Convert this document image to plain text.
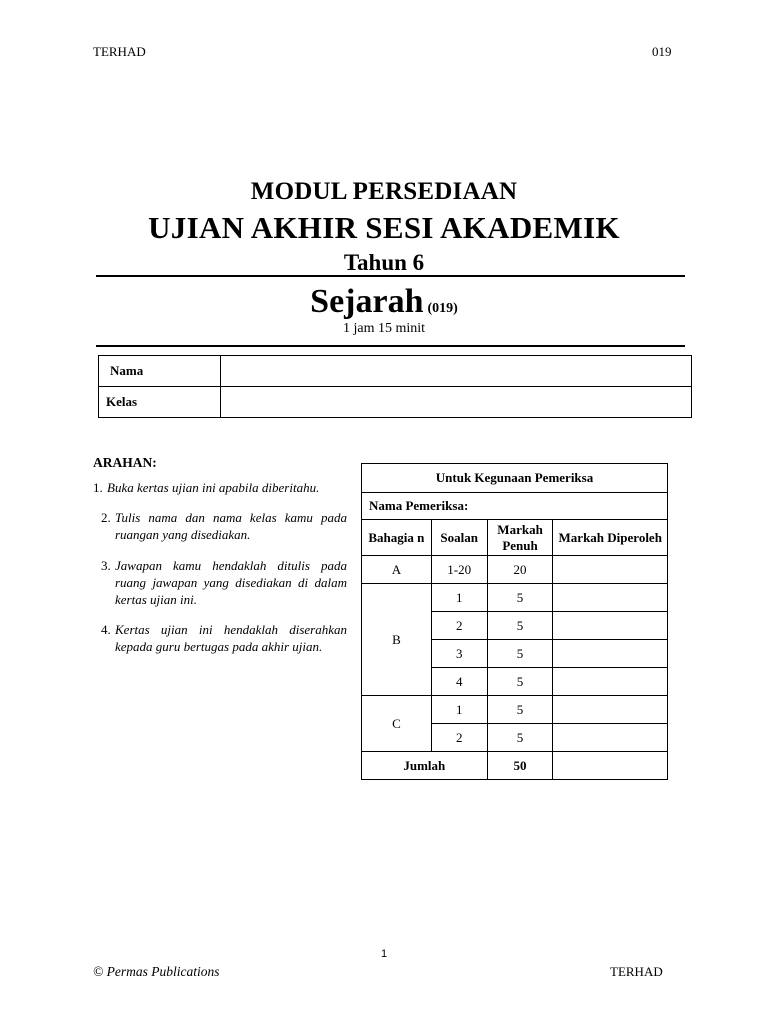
TERHAD	019
MODUL PERSEDIAAN
UJIAN AKHIR SESI AKADEMIK
Tahun 6
Sejarah (019)
1 jam 15 minit
Nama	
Kelas	
ARAHAN:
1. Buka kertas ujian ini apabila diberitahu.
2. Tulis nama dan nama kelas kamu pada ruangan yang disediakan.
3. Jawapan kamu hendaklah ditulis pada ruang jawapan yang disediakan di dalam kertas ujian ini.
4. Kertas ujian ini hendaklah diserahkan kepada guru bertugas pada akhir ujian.
Untuk Kegunaan Pemeriksa			
Nama Pemeriksa:			
Bahagia n	Soalan	Markah Penuh	Markah Diperoleh
A	1-20	20	
B	1	5	
	2	5	
	3	5	
	4	5	
C	1	5	
	2	5	
Jumlah		50	
1
© Permas Publications	TERHAD
